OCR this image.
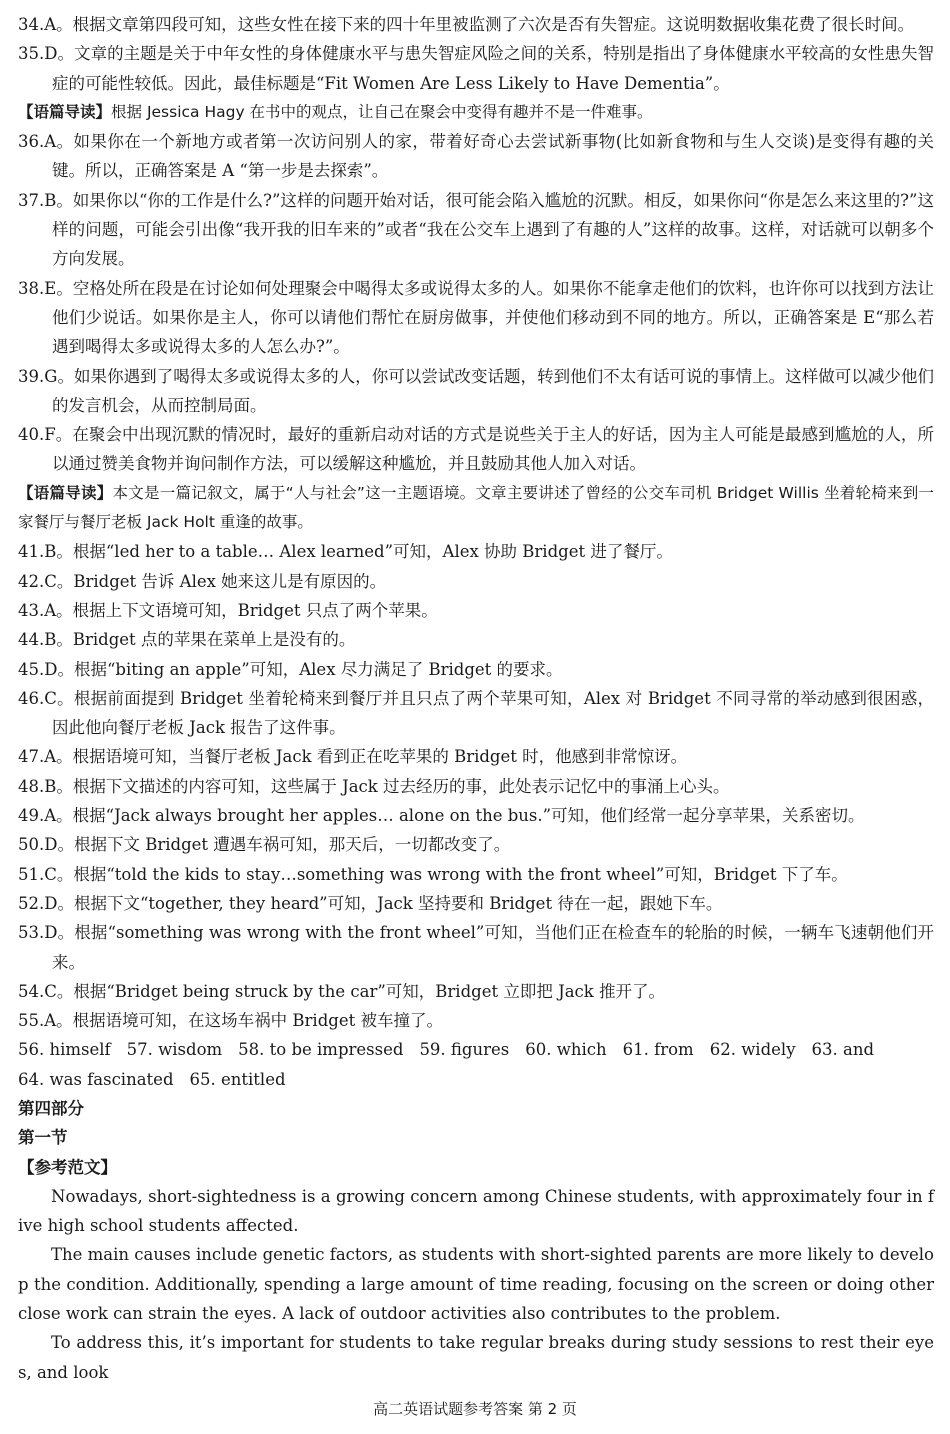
34.A。根据文章第四段可知，这些女性在接下来的四十年里被监测了六次是否有失智症。这说明数据收集花费了很长时间。

35.D。文章的主题是关于中年女性的身体健康水平与患失智症风险之间的关系，特别是指出了身体健康水平较高的女性患失智症的可能性较低。因此，最佳标题是“Fit Women Are Less Likely to Have Dementia”。

【语篇导读】根据 Jessica Hagy 在书中的观点，让自己在聚会中变得有趣并不是一件难事。

36.A。如果你在一个新地方或者第一次访问别人的家，带着好奇心去尝试新事物(比如新食物和与生人交谈)是变得有趣的关键。所以，正确答案是 A “第一步是去探索”。

37.B。如果你以“你的工作是什么?”这样的问题开始对话，很可能会陷入尴尬的沉默。相反，如果你问“你是怎么来这里的?”这样的问题，可能会引出像“我开我的旧车来的”或者“我在公交车上遇到了有趣的人”这样的故事。这样，对话就可以朝多个方向发展。

38.E。空格处所在段是在讨论如何处理聚会中喝得太多或说得太多的人。如果你不能拿走他们的饮料，也许你可以找到方法让他们少说话。如果你是主人，你可以请他们帮忙在厨房做事，并使他们移动到不同的地方。所以，正确答案是 E“那么若遇到喝得太多或说得太多的人怎么办?”。

39.G。如果你遇到了喝得太多或说得太多的人，你可以尝试改变话题，转到他们不太有话可说的事情上。这样做可以减少他们的发言机会，从而控制局面。

40.F。在聚会中出现沉默的情况时，最好的重新启动对话的方式是说些关于主人的好话，因为主人可能是最感到尴尬的人，所以通过赞美食物并询问制作方法，可以缓解这种尴尬，并且鼓励其他人加入对话。

【语篇导读】本文是一篇记叙文，属于“人与社会”这一主题语境。文章主要讲述了曾经的公交车司机 Bridget Willis 坐着轮椅来到一家餐厅与餐厅老板 Jack Holt 重逢的故事。

41.B。根据“led her to a table… Alex learned”可知，Alex 协助 Bridget 进了餐厅。

42.C。Bridget 告诉 Alex 她来这儿是有原因的。

43.A。根据上下文语境可知，Bridget 只点了两个苹果。

44.B。Bridget 点的苹果在菜单上是没有的。

45.D。根据“biting an apple”可知，Alex 尽力满足了 Bridget 的要求。

46.C。根据前面提到 Bridget 坐着轮椅来到餐厅并且只点了两个苹果可知，Alex 对 Bridget 不同寻常的举动感到很困惑，因此他向餐厅老板 Jack 报告了这件事。

47.A。根据语境可知，当餐厅老板 Jack 看到正在吃苹果的 Bridget 时，他感到非常惊讶。

48.B。根据下文描述的内容可知，这些属于 Jack 过去经历的事，此处表示记忆中的事涌上心头。

49.A。根据“Jack always brought her apples… alone on the bus.”可知，他们经常一起分享苹果，关系密切。

50.D。根据下文 Bridget 遭遇车祸可知，那天后，一切都改变了。

51.C。根据“told the kids to stay…something was wrong with the front wheel”可知，Bridget 下了车。

52.D。根据下文“together, they heard”可知，Jack 坚持要和 Bridget 待在一起，跟她下车。

53.D。根据“something was wrong with the front wheel”可知，当他们正在检查车的轮胎的时候，一辆车飞速朝他们开来。

54.C。根据“Bridget being struck by the car”可知，Bridget 立即把 Jack 推开了。

55.A。根据语境可知，在这场车祸中 Bridget 被车撞了。

56. himself 57. wisdom 58. to be impressed 59. figures 60. which 61. from 62. widely 63. and
64. was fascinated 65. entitled
第四部分
第一节
【参考范文】

Nowadays, short-sightedness is a growing concern among Chinese students, with approximately four in five high school students affected.

The main causes include genetic factors, as students with short-sighted parents are more likely to develop the condition. Additionally, spending a large amount of time reading, focusing on the screen or doing other close work can strain the eyes. A lack of outdoor activities also contributes to the problem.

To address this, it’s important for students to take regular breaks during study sessions to rest their eyes, and look

高二英语试题参考答案 第 2 页
